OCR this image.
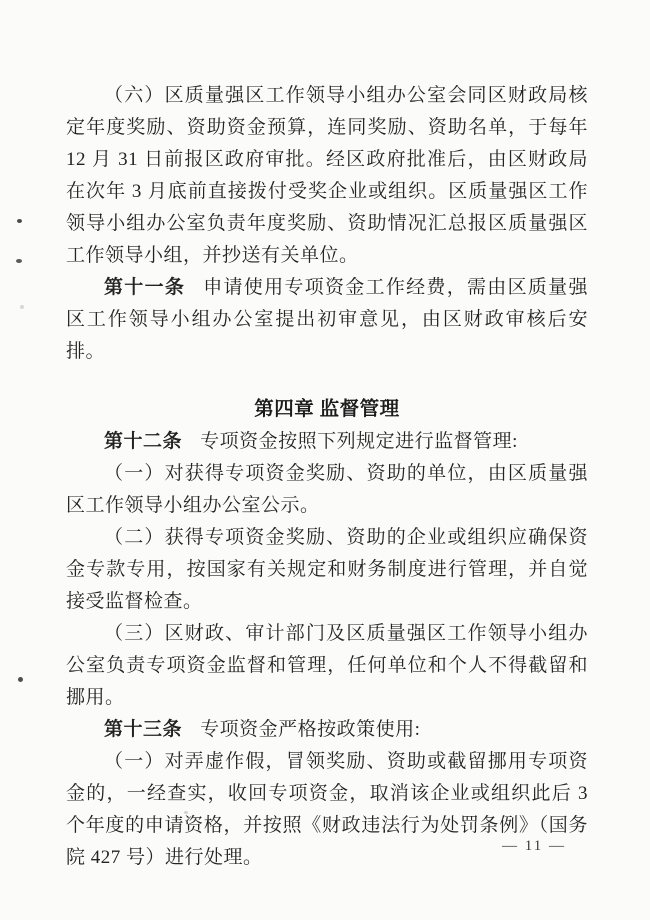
（六）区质量强区工作领导小组办公室会同区财政局核定年度奖励、资助资金预算，连同奖励、资助名单，于每年 12 月 31 日前报区政府审批。经区政府批准后，由区财政局在次年 3 月底前直接拨付受奖企业或组织。区质量强区工作领导小组办公室负责年度奖励、资助情况汇总报区质量强区工作领导小组，并抄送有关单位。

第十一条 申请使用专项资金工作经费，需由区质量强区工作领导小组办公室提出初审意见，由区财政审核后安排。

第四章 监督管理

第十二条 专项资金按照下列规定进行监督管理:

（一）对获得专项资金奖励、资助的单位，由区质量强区工作领导小组办公室公示。

（二）获得专项资金奖励、资助的企业或组织应确保资金专款专用，按国家有关规定和财务制度进行管理，并自觉接受监督检查。

（三）区财政、审计部门及区质量强区工作领导小组办公室负责专项资金监督和管理，任何单位和个人不得截留和挪用。

第十三条 专项资金严格按政策使用:

（一）对弄虚作假，冒领奖励、资助或截留挪用专项资金的，一经查实，收回专项资金，取消该企业或组织此后 3 个年度的申请资格，并按照《财政违法行为处罚条例》（国务院 427 号）进行处理。

— 11 —
